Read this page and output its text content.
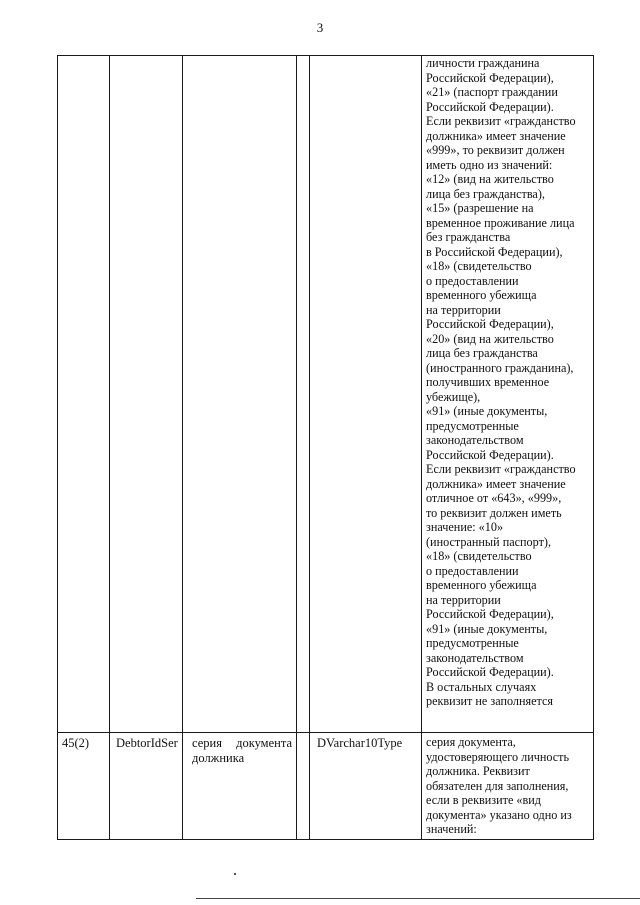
3
личности гражданина
Российской Федерации),
«21» (паспорт граждании
Российской Федерации).
Если реквизит «гражданство
должника» имеет значение
«999», то реквизит должен
иметь одно из значений:
«12» (вид на жительство
лица без гражданства),
«15» (разрешение на
временное проживание лица
без гражданства
в Российской Федерации),
«18» (свидетельство
о предоставлении
временного убежища
на территории
Российской Федерации),
«20» (вид на жительство
лица без гражданства
(иностранного гражданина),
получивших временное
убежище),
«91» (иные документы,
предусмотренные
законодательством
Российской Федерации).
Если реквизит «гражданство
должника» имеет значение
отличное от «643», «999»,
то реквизит должен иметь
значение: «10»
(иностранный паспорт),
«18» (свидетельство
о предоставлении
временного убежища
на территории
Российской Федерации),
«91» (иные документы,
предусмотренные
законодательством
Российской Федерации).
В остальных случаях
реквизит не заполняется
45(2) DebtorIdSer серия документа должника
DVarchar10Type серия документа,
удостоверяющего личность
должника. Реквизит
обязателен для заполнения,
если в реквизите «вид
документа» указано одно из
значений:
